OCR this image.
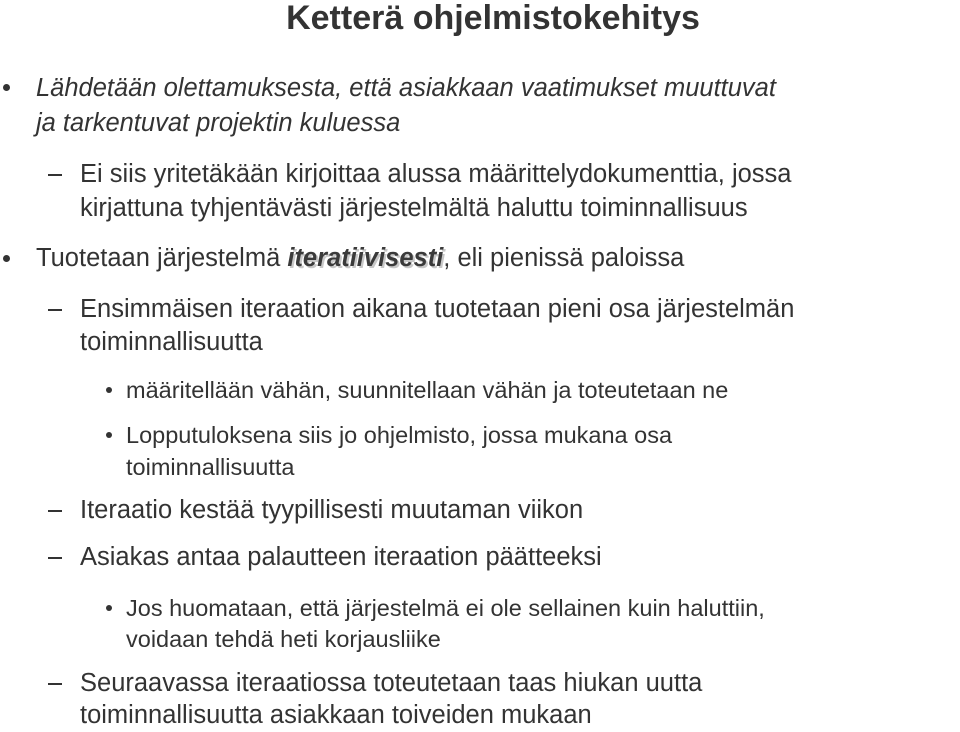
Ketterä ohjelmistokehitys
Lähdetään olettamuksesta, että asiakkaan vaatimukset muuttuvat
ja tarkentuvat projektin kuluessa
Ei siis yritetäkään kirjoittaa alussa määrittelydokumenttia, jossa
kirjattuna tyhjentävästi järjestelmältä haluttu toiminnallisuus
Tuotetaan järjestelmä iteratiivisesti, eli pienissä paloissa
Ensimmäisen iteraation aikana tuotetaan pieni osa järjestelmän
toiminnallisuutta
määritellään vähän, suunnitellaan vähän ja toteutetaan ne
Lopputuloksena siis jo ohjelmisto, jossa mukana osa
toiminnallisuutta
Iteraatio kestää tyypillisesti muutaman viikon
Asiakas antaa palautteen iteraation päätteeksi
Jos huomataan, että järjestelmä ei ole sellainen kuin haluttiin,
voidaan tehdä heti korjausliike
Seuraavassa iteraatiossa toteutetaan taas hiukan uutta
toiminnallisuutta asiakkaan toiveiden mukaan
